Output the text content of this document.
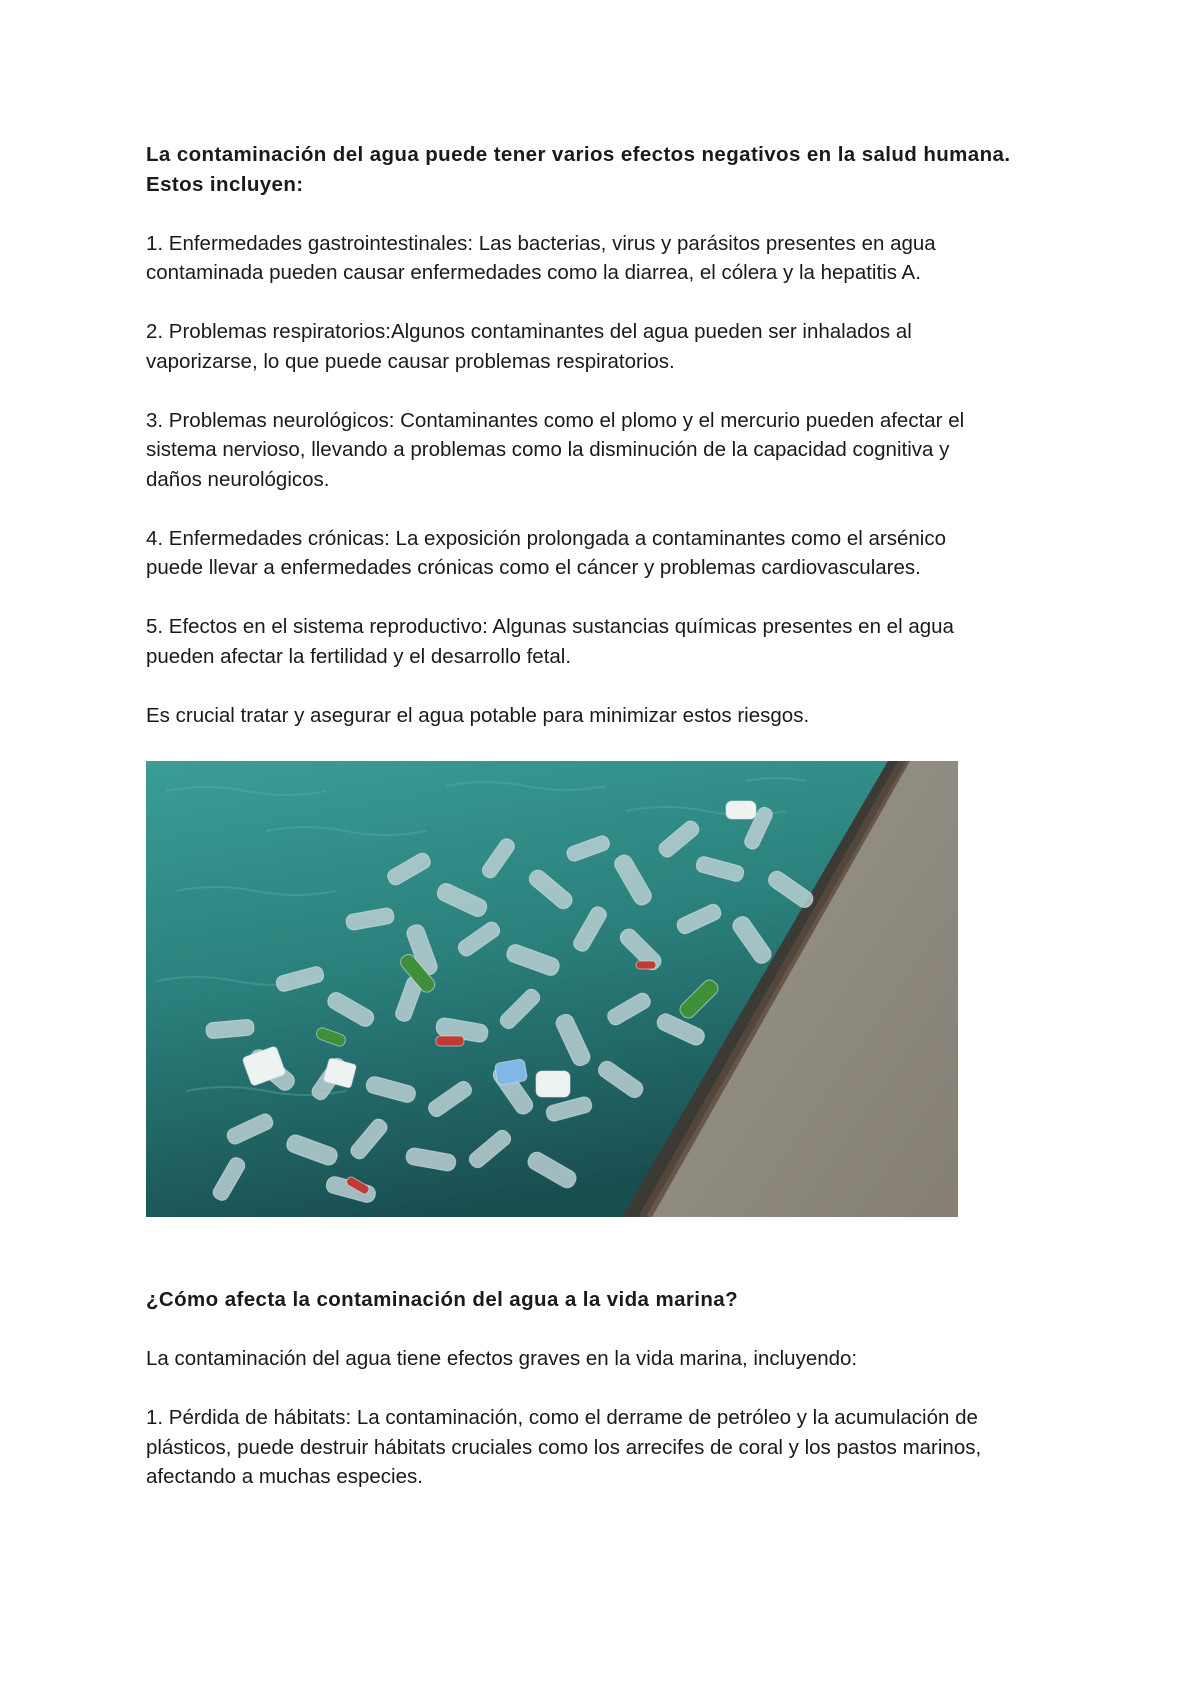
La contaminación del agua puede tener varios efectos negativos en la salud humana.

Estos incluyen:

1. Enfermedades gastrointestinales: Las bacterias, virus y parásitos presentes en agua

contaminada pueden causar enfermedades como la diarrea, el cólera y la hepatitis A.

2. Problemas respiratorios:Algunos contaminantes del agua pueden ser inhalados al

vaporizarse, lo que puede causar problemas respiratorios.

3. Problemas neurológicos: Contaminantes como el plomo y el mercurio pueden afectar el

sistema nervioso, llevando a problemas como la disminución de la capacidad cognitiva y

daños neurológicos.

4. Enfermedades crónicas: La exposición prolongada a contaminantes como el arsénico

puede llevar a enfermedades crónicas como el cáncer y problemas cardiovasculares.

5. Efectos en el sistema reproductivo: Algunas sustancias químicas presentes en el agua

pueden afectar la fertilidad y el desarrollo fetal.

Es crucial tratar y asegurar el agua potable para minimizar estos riesgos.

¿Cómo afecta la contaminación del agua a la vida marina?

La contaminación del agua tiene efectos graves en la vida marina, incluyendo:

1. Pérdida de hábitats: La contaminación, como el derrame de petróleo y la acumulación de

plásticos, puede destruir hábitats cruciales como los arrecifes de coral y los pastos marinos,

afectando a muchas especies.
